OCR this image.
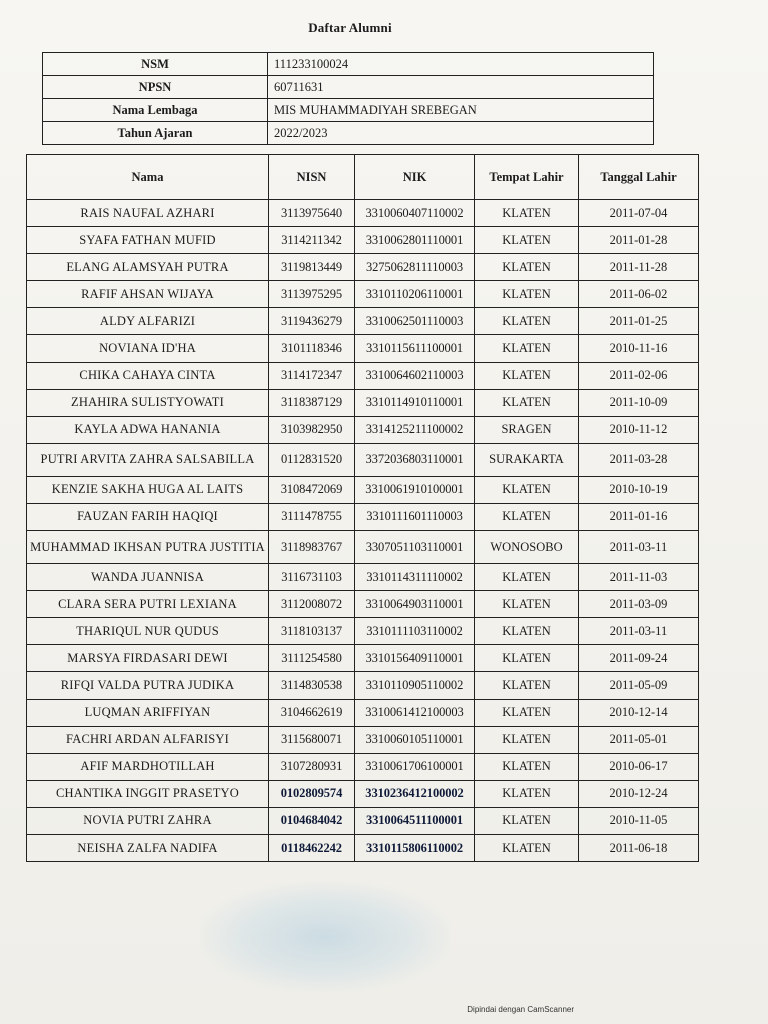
Daftar Alumni
NSM	111233100024
NPSN	60711631
Nama Lembaga	MIS MUHAMMADIYAH SREBEGAN
Tahun Ajaran	2022/2023
Nama	NISN	NIK	Tempat Lahir	Tanggal Lahir
RAIS NAUFAL AZHARI	3113975640	3310060407110002	KLATEN	2011-07-04
SYAFA FATHAN MUFID	3114211342	3310062801110001	KLATEN	2011-01-28
ELANG ALAMSYAH PUTRA	3119813449	3275062811110003	KLATEN	2011-11-28
RAFIF AHSAN WIJAYA	3113975295	3310110206110001	KLATEN	2011-06-02
ALDY ALFARIZI	3119436279	3310062501110003	KLATEN	2011-01-25
NOVIANA ID'HA	3101118346	3310115611100001	KLATEN	2010-11-16
CHIKA CAHAYA CINTA	3114172347	3310064602110003	KLATEN	2011-02-06
ZHAHIRA SULISTYOWATI	3118387129	3310114910110001	KLATEN	2011-10-09
KAYLA ADWA HANANIA	3103982950	3314125211100002	SRAGEN	2010-11-12
PUTRI ARVITA ZAHRA SALSABILLA	0112831520	3372036803110001	SURAKARTA	2011-03-28
KENZIE SAKHA HUGA AL LAITS	3108472069	3310061910100001	KLATEN	2010-10-19
FAUZAN FARIH HAQIQI	3111478755	3310111601110003	KLATEN	2011-01-16
MUHAMMAD IKHSAN PUTRA JUSTITIA	3118983767	3307051103110001	WONOSOBO	2011-03-11
WANDA JUANNISA	3116731103	3310114311110002	KLATEN	2011-11-03
CLARA SERA PUTRI LEXIANA	3112008072	3310064903110001	KLATEN	2011-03-09
THARIQUL NUR QUDUS	3118103137	3310111103110002	KLATEN	2011-03-11
MARSYA FIRDASARI DEWI	3111254580	3310156409110001	KLATEN	2011-09-24
RIFQI VALDA PUTRA JUDIKA	3114830538	3310110905110002	KLATEN	2011-05-09
LUQMAN ARIFFIYAN	3104662619	3310061412100003	KLATEN	2010-12-14
FACHRI ARDAN ALFARISYI	3115680071	3310060105110001	KLATEN	2011-05-01
AFIF MARDHOTILLAH	3107280931	3310061706100001	KLATEN	2010-06-17
CHANTIKA INGGIT PRASETYO	0102809574	3310236412100002	KLATEN	2010-12-24
NOVIA PUTRI ZAHRA	0104684042	3310064511100001	KLATEN	2010-11-05
NEISHA ZALFA NADIFA	0118462242	3310115806110002	KLATEN	2011-06-18
Dipindai dengan CamScanner
